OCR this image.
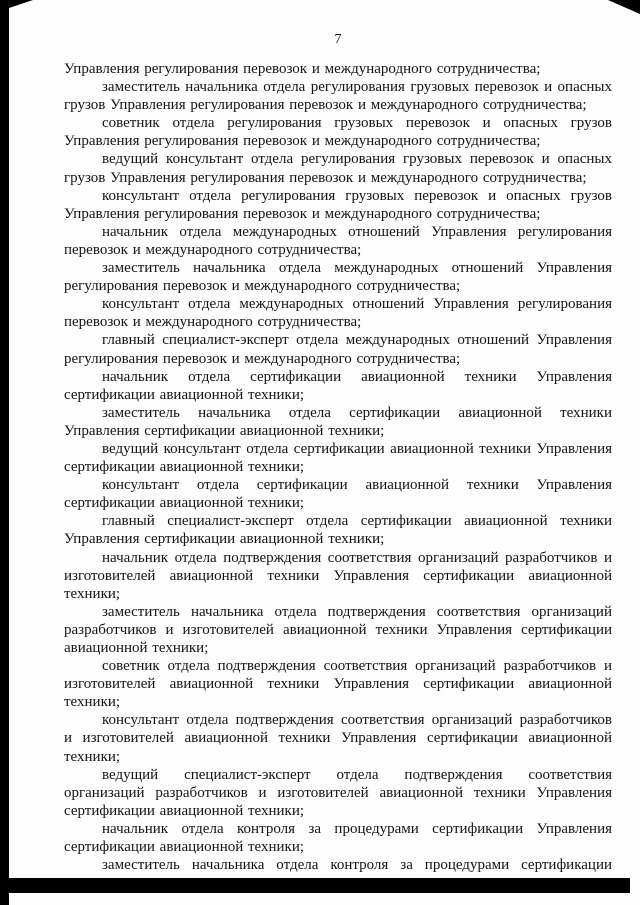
7

Управления регулирования перевозок и международного сотрудничества;

заместитель начальника отдела регулирования грузовых перевозок и опасных грузов Управления регулирования перевозок и международного сотрудничества;

советник отдела регулирования грузовых перевозок и опасных грузов Управления регулирования перевозок и международного сотрудничества;

ведущий консультант отдела регулирования грузовых перевозок и опасных грузов Управления регулирования перевозок и международного сотрудничества;

консультант отдела регулирования грузовых перевозок и опасных грузов Управления регулирования перевозок и международного сотрудничества;

начальник отдела международных отношений Управления регулирования перевозок и международного сотрудничества;

заместитель начальника отдела международных отношений Управления регулирования перевозок и международного сотрудничества;

консультант отдела международных отношений Управления регулирования перевозок и международного сотрудничества;

главный специалист-эксперт отдела международных отношений Управления регулирования перевозок и международного сотрудничества;

начальник отдела сертификации авиационной техники Управления сертификации авиационной техники;

заместитель начальника отдела сертификации авиационной техники Управления сертификации авиационной техники;

ведущий консультант отдела сертификации авиационной техники Управления сертификации авиационной техники;

консультант отдела сертификации авиационной техники Управления сертификации авиационной техники;

главный специалист-эксперт отдела сертификации авиационной техники Управления сертификации авиационной техники;

начальник отдела подтверждения соответствия организаций разработчиков и изготовителей авиационной техники Управления сертификации авиационной техники;

заместитель начальника отдела подтверждения соответствия организаций разработчиков и изготовителей авиационной техники Управления сертификации авиационной техники;

советник отдела подтверждения соответствия организаций разработчиков и изготовителей авиационной техники Управления сертификации авиационной техники;

консультант отдела подтверждения соответствия организаций разработчиков и изготовителей авиационной техники Управления сертификации авиационной техники;

ведущий специалист-эксперт отдела подтверждения соответствия организаций разработчиков и изготовителей авиационной техники Управления сертификации авиационной техники;

начальник отдела контроля за процедурами сертификации Управления сертификации авиационной техники;

заместитель начальника отдела контроля за процедурами сертификации
